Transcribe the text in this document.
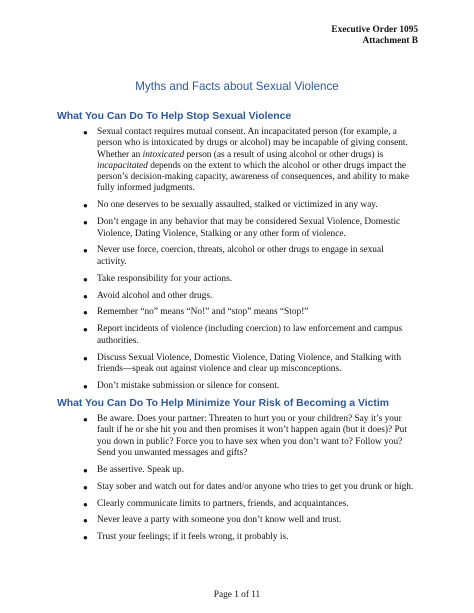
Executive Order 1095
Attachment B
Myths and Facts about Sexual Violence
What You Can Do To Help Stop Sexual Violence
● Sexual contact requires mutual consent. An incapacitated person (for example, a person who is intoxicated by drugs or alcohol) may be incapable of giving consent. Whether an intoxicated person (as a result of using alcohol or other drugs) is incapacitated depends on the extent to which the alcohol or other drugs impact the person’s decision-making capacity, awareness of consequences, and ability to make fully informed judgments.
● No one deserves to be sexually assaulted, stalked or victimized in any way.
● Don’t engage in any behavior that may be considered Sexual Violence, Domestic Violence, Dating Violence, Stalking or any other form of violence.
● Never use force, coercion, threats, alcohol or other drugs to engage in sexual activity.
● Take responsibility for your actions.
● Avoid alcohol and other drugs.
● Remember “no” means “No!” and “stop” means “Stop!”
● Report incidents of violence (including coercion) to law enforcement and campus authorities.
● Discuss Sexual Violence, Domestic Violence, Dating Violence, and Stalking with friends—speak out against violence and clear up misconceptions.
● Don’t mistake submission or silence for consent.
What You Can Do To Help Minimize Your Risk of Becoming a Victim
● Be aware. Does your partner: Threaten to hurt you or your children? Say it’s your fault if he or she hit you and then promises it won’t happen again (but it does)? Put you down in public? Force you to have sex when you don’t want to? Follow you? Send you unwanted messages and gifts?
● Be assertive. Speak up.
● Stay sober and watch out for dates and/or anyone who tries to get you drunk or high.
● Clearly communicate limits to partners, friends, and acquaintances.
● Never leave a party with someone you don’t know well and trust.
● Trust your feelings; if it feels wrong, it probably is.
Page 1 of 11
